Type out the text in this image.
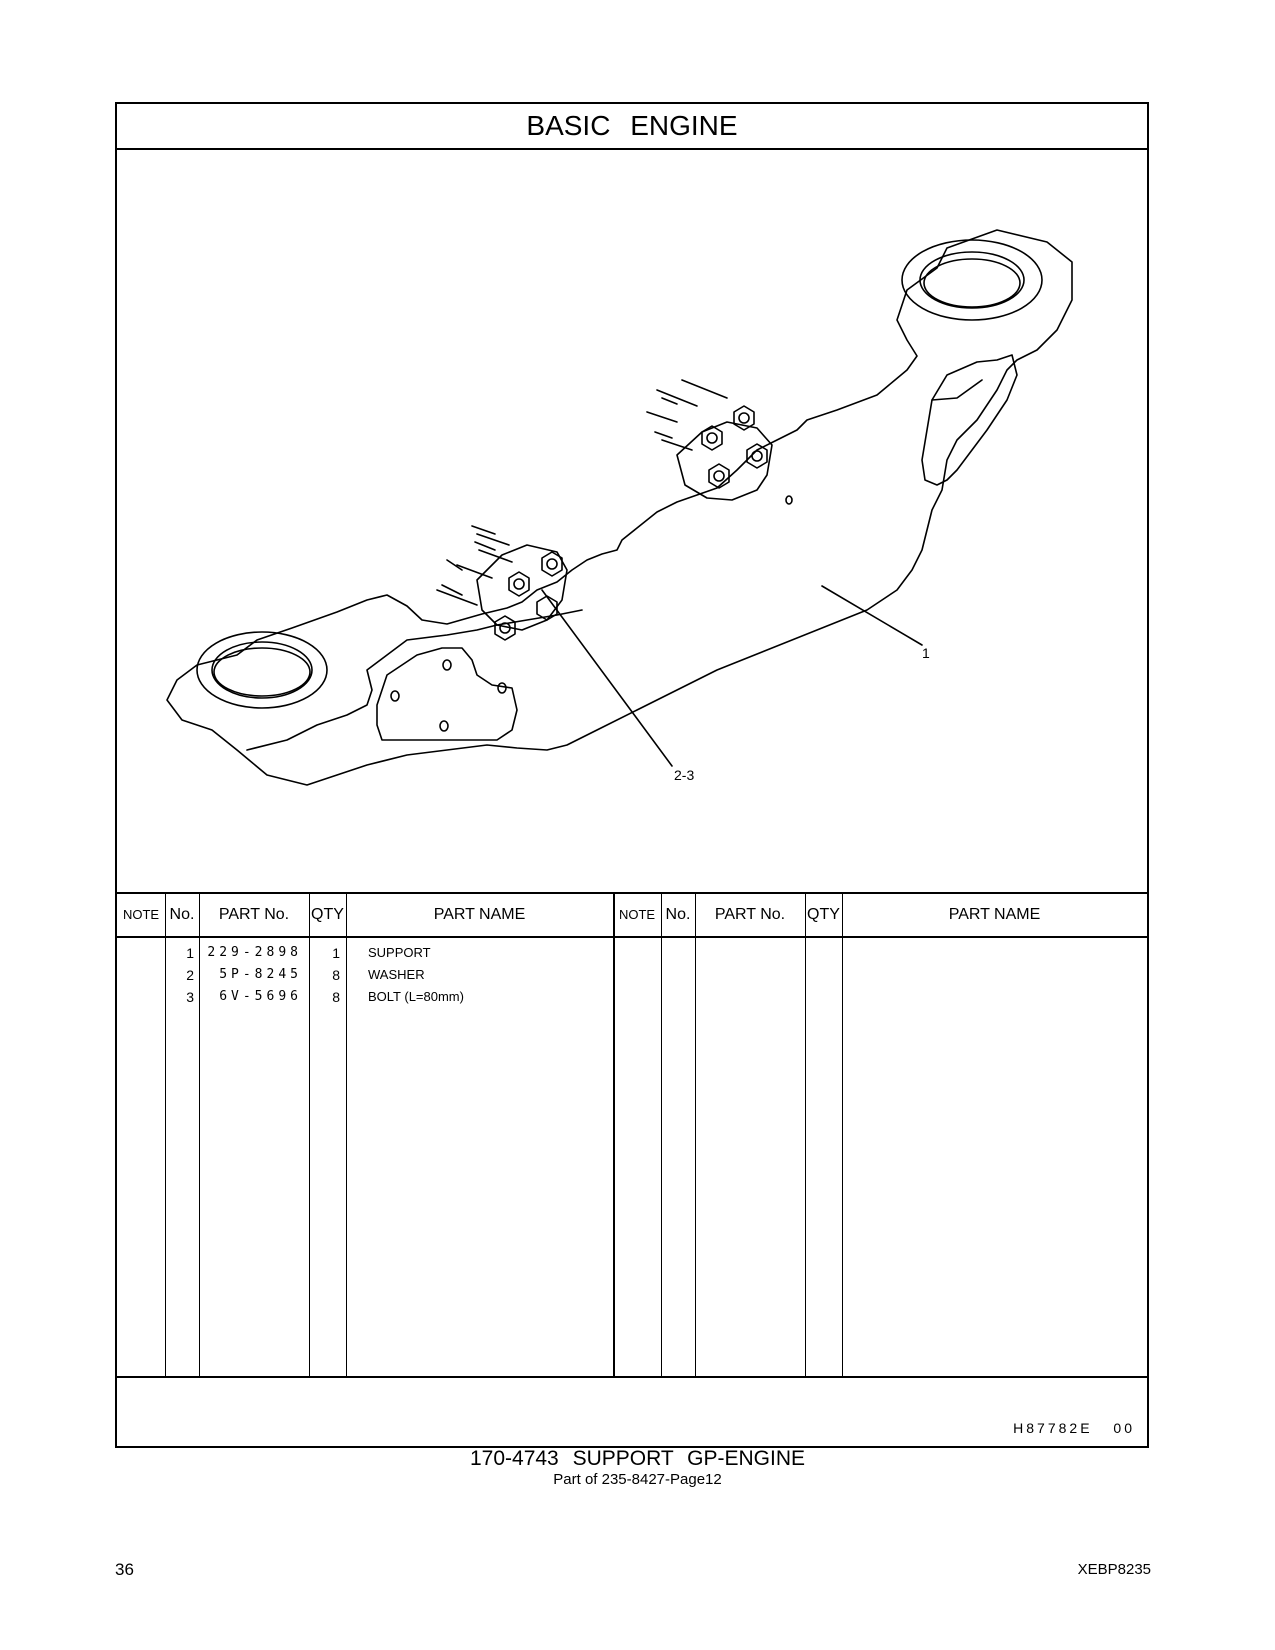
BASIC ENGINE
1
2-3
NOTE No.	PART No.	QTY	PART NAME	NOTE No.	PART No.	QTY	PART NAME
1	229-2898	1 SUPPORT
2	5P-8245	8 WASHER
3	6V-5696	8 BOLT (L=80mm)
H87782E 00
170-4743 SUPPORT GP-ENGINE
Part of 235-8427-Page12
36	XEBP8235
